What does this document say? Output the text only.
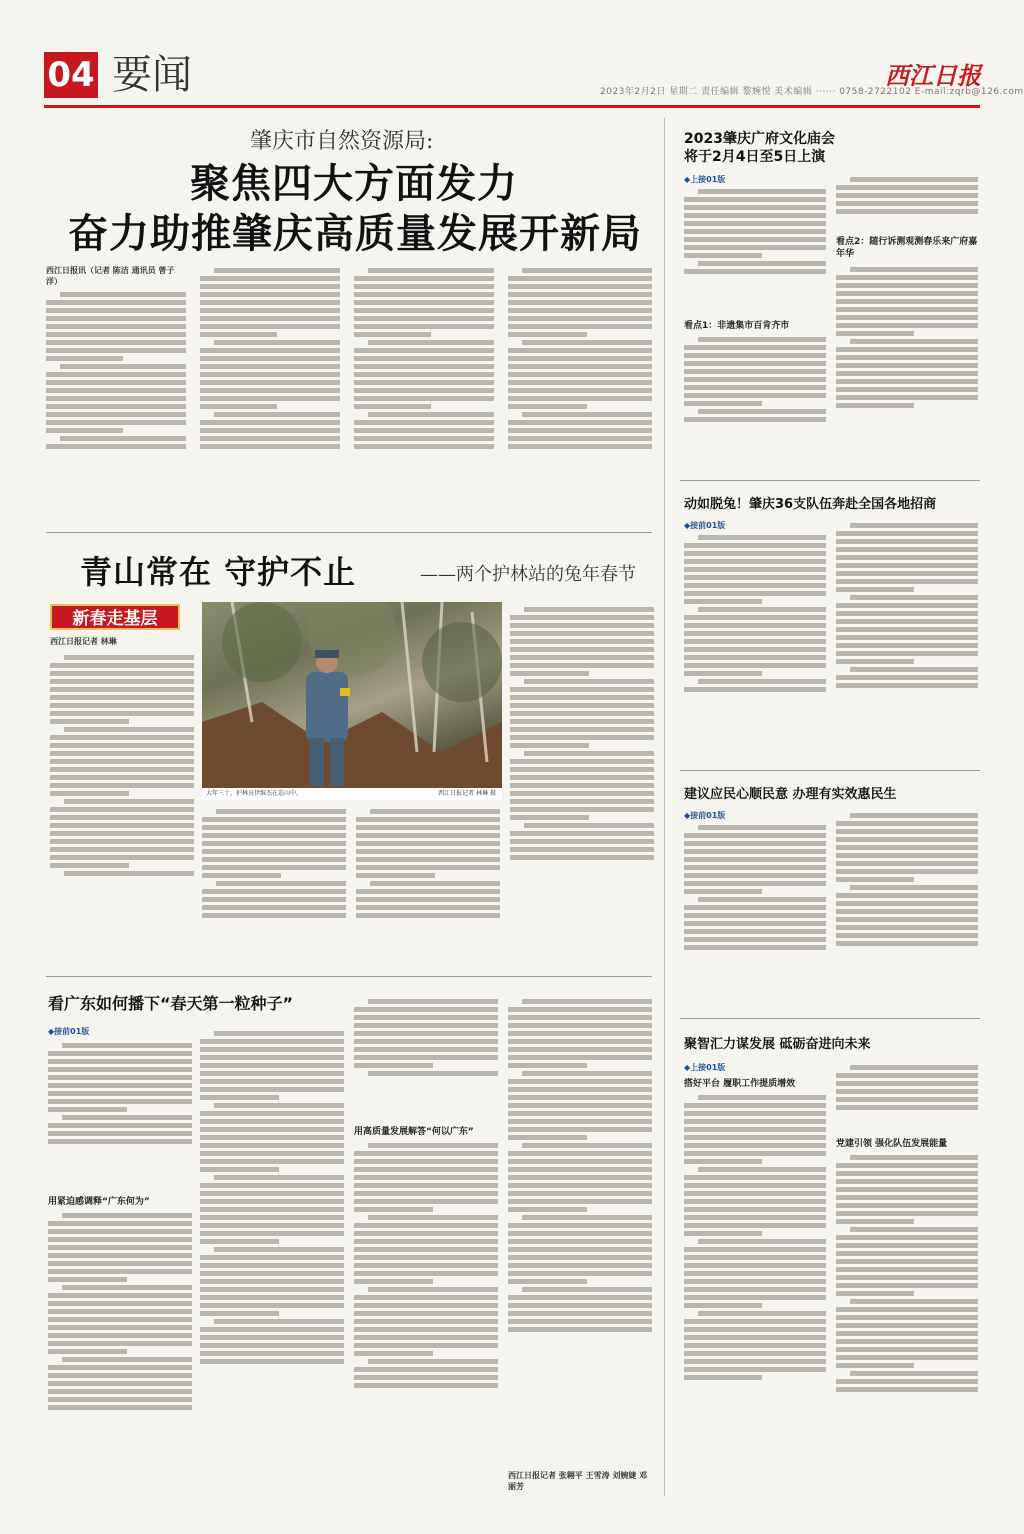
04 要闻	2023年2月2日 星期二 责任编辑 黎婉悦 美术编辑 ······ 0758-2722102 E-mail:zqrb@126.com
西江日报
肇庆市自然资源局:
聚焦四大方面发力
奋力助推肇庆高质量发展开新局
西江日报讯（记者 陈洁 通讯员 曾子洋）
青山常在 守护不止	——两个护林站的兔年春节
新春走基层
西江日报记者 林琳
大年三十，护林员伊维杰在巡山中。	西江日报记者 林琳 摄
看广东如何播下“春天第一粒种子”
◆接前01版
用紧迫感调释“广东何为”
用高质量发展解答“何以广东”
西江日报记者 张翱平 王雪涛 刘婉婕 邓丽芳
2023肇庆广府文化庙会
将于2月4日至5日上演
◆上接01版
看点1：非遗集市百肯齐市
看点2：随行诉测观测春乐来广府嘉年华
动如脱兔！肇庆36支队伍奔赴全国各地招商
◆接前01版
建议应民心顺民意 办理有实效惠民生
◆接前01版
聚智汇力谋发展 砥砺奋进向未来
◆上接01版
搭好平台 履职工作提质增效
党建引领 强化队伍发展能量
